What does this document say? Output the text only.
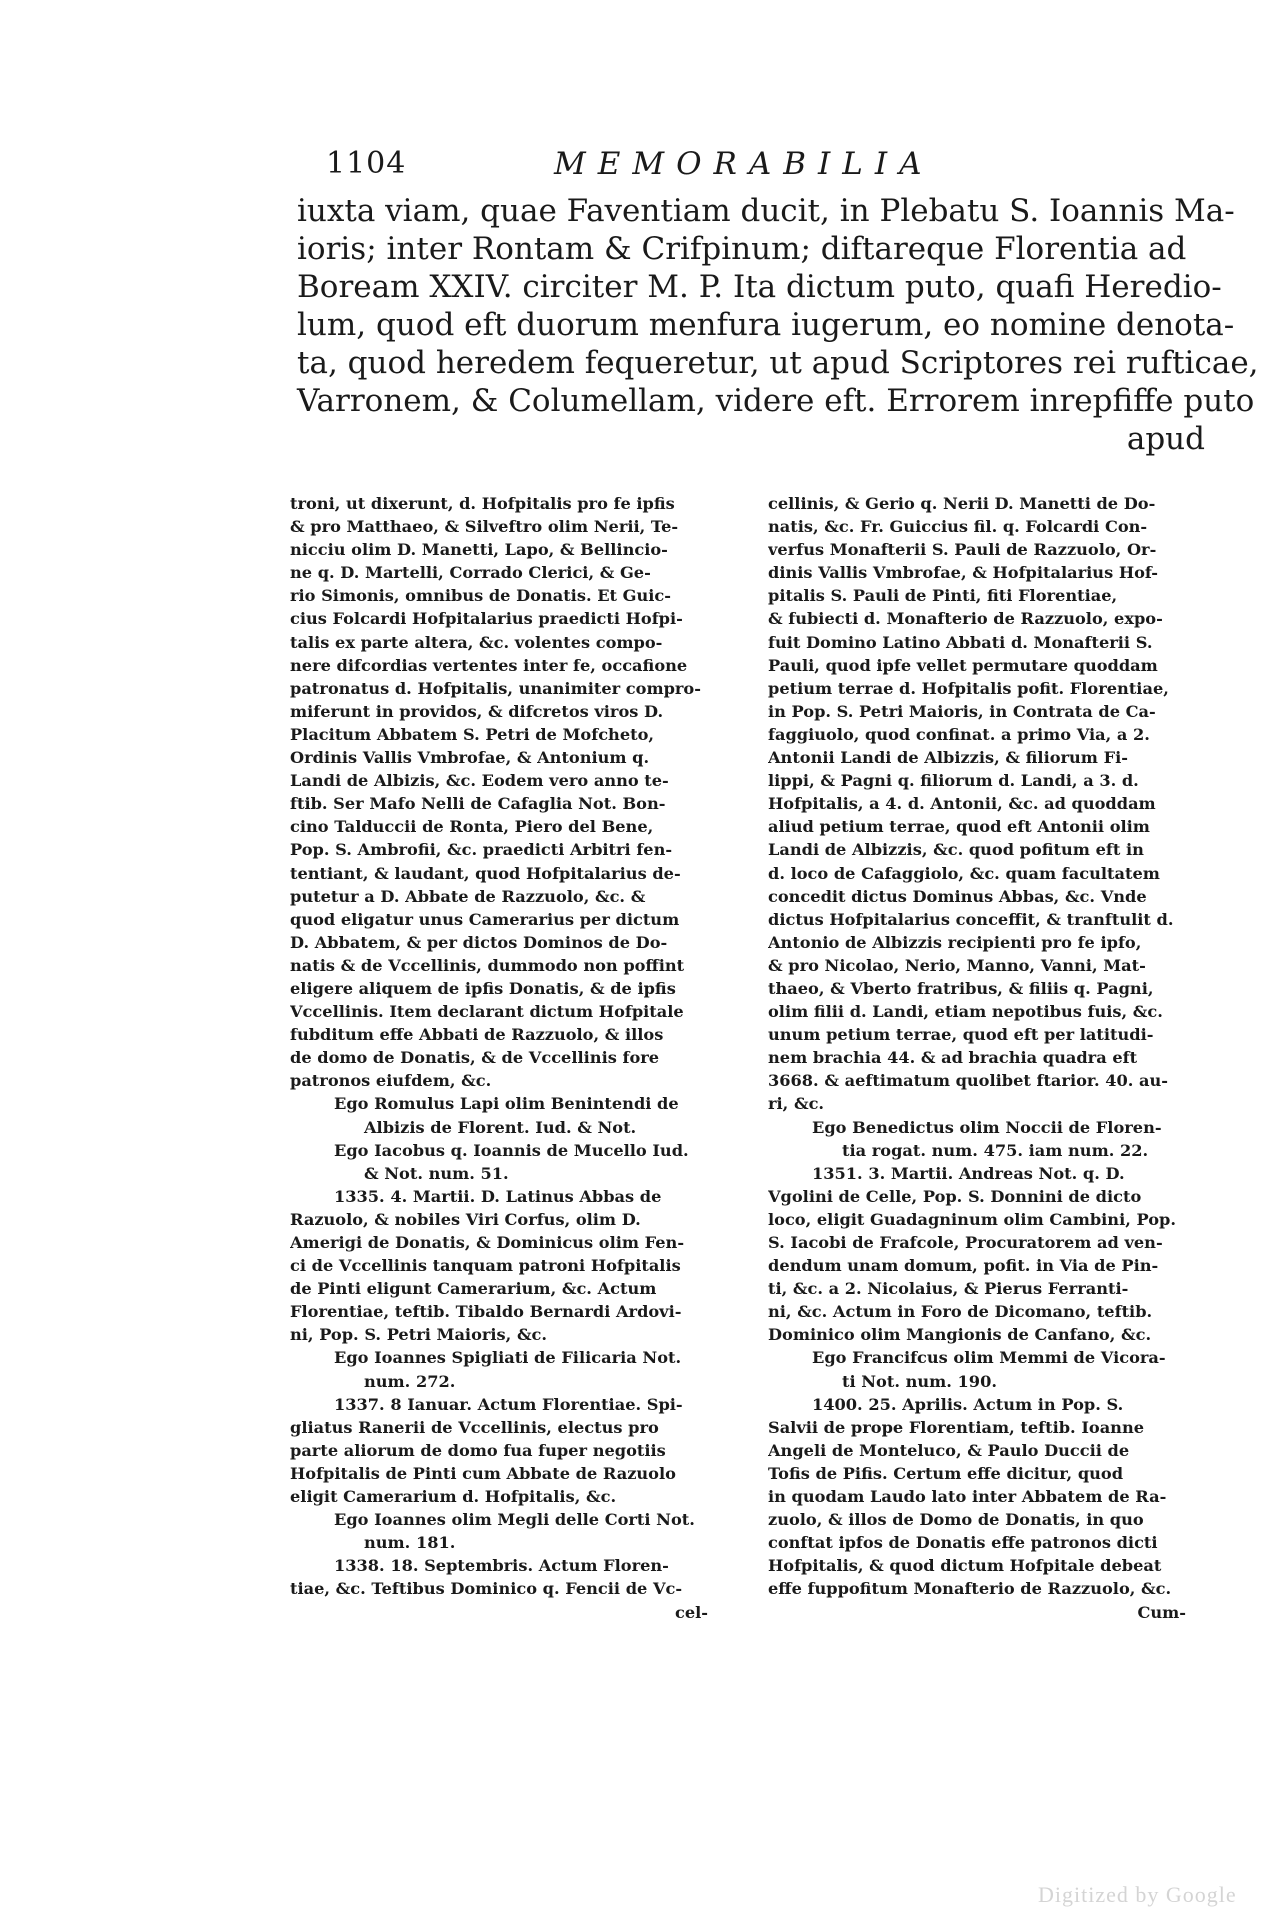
1104	MEMORABILIA
iuxta viam, quae Faventiam ducit, in Plebatu S. Ioannis Ma-
ioris; inter Rontam & Crifpinum; diftareque Florentia ad
Boream XXIV. circiter M. P. Ita dictum puto, quafi Heredio-
lum, quod eft duorum menfura iugerum, eo nomine denota-
ta, quod heredem fequeretur, ut apud Scriptores rei rufticae,
Varronem, & Columellam, videre eft. Errorem inrepfiffe puto
apud
troni, ut dixerunt, d. Hofpitalis pro fe ipfis
& pro Matthaeo, & Silveftro olim Nerii, Te-
nicciu olim D. Manetti, Lapo, & Bellincio-
ne q. D. Martelli, Corrado Clerici, & Ge-
rio Simonis, omnibus de Donatis. Et Guic-
cius Folcardi Hofpitalarius praedicti Hofpi-
talis ex parte altera, &c. volentes compo-
nere difcordias vertentes inter fe, occafione
patronatus d. Hofpitalis, unanimiter compro-
miferunt in providos, & difcretos viros D.
Placitum Abbatem S. Petri de Mofcheto,
Ordinis Vallis Vmbrofae, & Antonium q.
Landi de Albizis, &c. Eodem vero anno te-
ftib. Ser Mafo Nelli de Cafaglia Not. Bon-
cino Talduccii de Ronta, Piero del Bene,
Pop. S. Ambrofii, &c. praedicti Arbitri fen-
tentiant, & laudant, quod Hofpitalarius de-
putetur a D. Abbate de Razzuolo, &c. &
quod eligatur unus Camerarius per dictum
D. Abbatem, & per dictos Dominos de Do-
natis & de Vccellinis, dummodo non poffint
eligere aliquem de ipfis Donatis, & de ipfis
Vccellinis. Item declarant dictum Hofpitale
fubditum effe Abbati de Razzuolo, & illos
de domo de Donatis, & de Vccellinis fore
patronos eiufdem, &c.
Ego Romulus Lapi olim Benintendi de
Albizis de Florent. Iud. & Not.
Ego Iacobus q. Ioannis de Mucello Iud.
& Not. num. 51.
1335. 4. Martii. D. Latinus Abbas de
Razuolo, & nobiles Viri Corfus, olim D.
Amerigi de Donatis, & Dominicus olim Fen-
ci de Vccellinis tanquam patroni Hofpitalis
de Pinti eligunt Camerarium, &c. Actum
Florentiae, teftib. Tibaldo Bernardi Ardovi-
ni, Pop. S. Petri Maioris, &c.
Ego Ioannes Spigliati de Filicaria Not.
num. 272.
1337. 8 Ianuar. Actum Florentiae. Spi-
gliatus Ranerii de Vccellinis, electus pro
parte aliorum de domo fua fuper negotiis
Hofpitalis de Pinti cum Abbate de Razuolo
eligit Camerarium d. Hofpitalis, &c.
Ego Ioannes olim Megli delle Corti Not.
num. 181.
1338. 18. Septembris. Actum Floren-
tiae, &c. Teftibus Dominico q. Fencii de Vc-
cel-
cellinis, & Gerio q. Nerii D. Manetti de Do-
natis, &c. Fr. Guiccius fil. q. Folcardi Con-
verfus Monafterii S. Pauli de Razzuolo, Or-
dinis Vallis Vmbrofae, & Hofpitalarius Hof-
pitalis S. Pauli de Pinti, fiti Florentiae,
& fubiecti d. Monafterio de Razzuolo, expo-
fuit Domino Latino Abbati d. Monafterii S.
Pauli, quod ipfe vellet permutare quoddam
petium terrae d. Hofpitalis pofit. Florentiae,
in Pop. S. Petri Maioris, in Contrata de Ca-
faggiuolo, quod confinat. a primo Via, a 2.
Antonii Landi de Albizzis, & filiorum Fi-
lippi, & Pagni q. filiorum d. Landi, a 3. d.
Hofpitalis, a 4. d. Antonii, &c. ad quoddam
aliud petium terrae, quod eft Antonii olim
Landi de Albizzis, &c. quod pofitum eft in
d. loco de Cafaggiolo, &c. quam facultatem
concedit dictus Dominus Abbas, &c. Vnde
dictus Hofpitalarius conceffit, & tranftulit d.
Antonio de Albizzis recipienti pro fe ipfo,
& pro Nicolao, Nerio, Manno, Vanni, Mat-
thaeo, & Vberto fratribus, & filiis q. Pagni,
olim filii d. Landi, etiam nepotibus fuis, &c.
unum petium terrae, quod eft per latitudi-
nem brachia 44. & ad brachia quadra eft
3668. & aeftimatum quolibet ftarior. 40. au-
ri, &c.
Ego Benedictus olim Noccii de Floren-
tia rogat. num. 475. iam num. 22.
1351. 3. Martii. Andreas Not. q. D.
Vgolini de Celle, Pop. S. Donnini de dicto
loco, eligit Guadagninum olim Cambini, Pop.
S. Iacobi de Frafcole, Procuratorem ad ven-
dendum unam domum, pofit. in Via de Pin-
ti, &c. a 2. Nicolaius, & Pierus Ferranti-
ni, &c. Actum in Foro de Dicomano, teftib.
Dominico olim Mangionis de Canfano, &c.
Ego Francifcus olim Memmi de Vicora-
ti Not. num. 190.
1400. 25. Aprilis. Actum in Pop. S.
Salvii de prope Florentiam, teftib. Ioanne
Angeli de Monteluco, & Paulo Duccii de
Tofis de Pifis. Certum effe dicitur, quod
in quodam Laudo lato inter Abbatem de Ra-
zuolo, & illos de Domo de Donatis, in quo
conftat ipfos de Donatis effe patronos dicti
Hofpitalis, & quod dictum Hofpitale debeat
effe fuppofitum Monafterio de Razzuolo, &c.
Cum-
Digitized by Google
